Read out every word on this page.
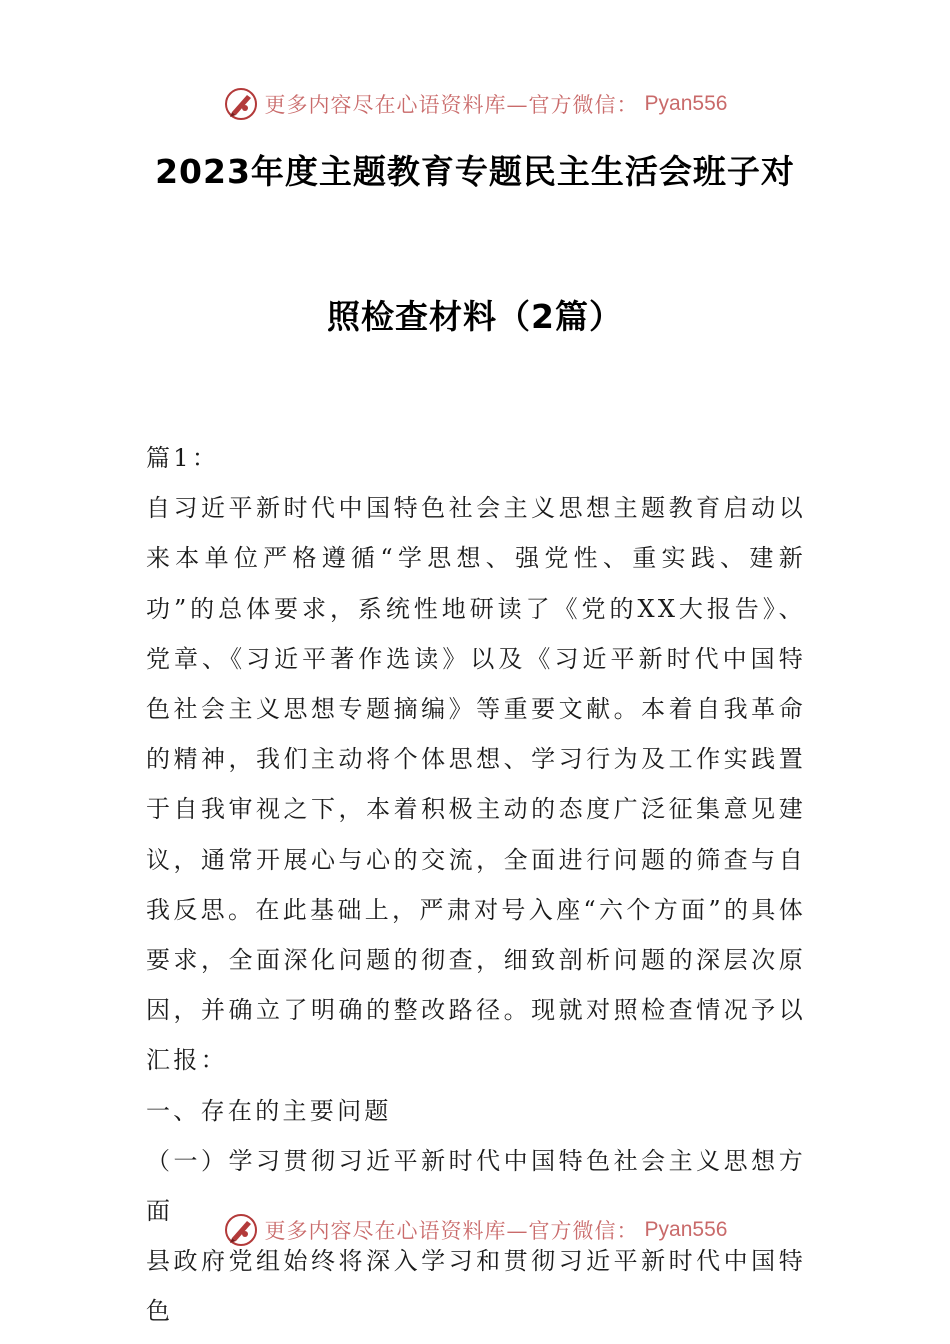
更多内容尽在心语资料库—官方微信： Pyan556
2023年度主题教育专题民主生活会班子对
照检查材料（2篇）

篇1：

自习近平新时代中国特色社会主义思想主题教育启动以来本单位严格遵循“学思想、强党性、重实践、建新功”的总体要求，系统性地研读了《党的XX大报告》、党章、《习近平著作选读》以及《习近平新时代中国特色社会主义思想专题摘编》等重要文献。本着自我革命的精神，我们主动将个体思想、学习行为及工作实践置于自我审视之下，本着积极主动的态度广泛征集意见建议，通常开展心与心的交流，全面进行问题的筛查与自我反思。在此基础上，严肃对号入座“六个方面”的具体要求，全面深化问题的彻查，细致剖析问题的深层次原因，并确立了明确的整改路径。现就对照检查情况予以汇报：

一、存在的主要问题

（一）学习贯彻习近平新时代中国特色社会主义思想方面

县政府党组始终将深入学习和贯彻习近平新时代中国特色

更多内容尽在心语资料库—官方微信： Pyan556
